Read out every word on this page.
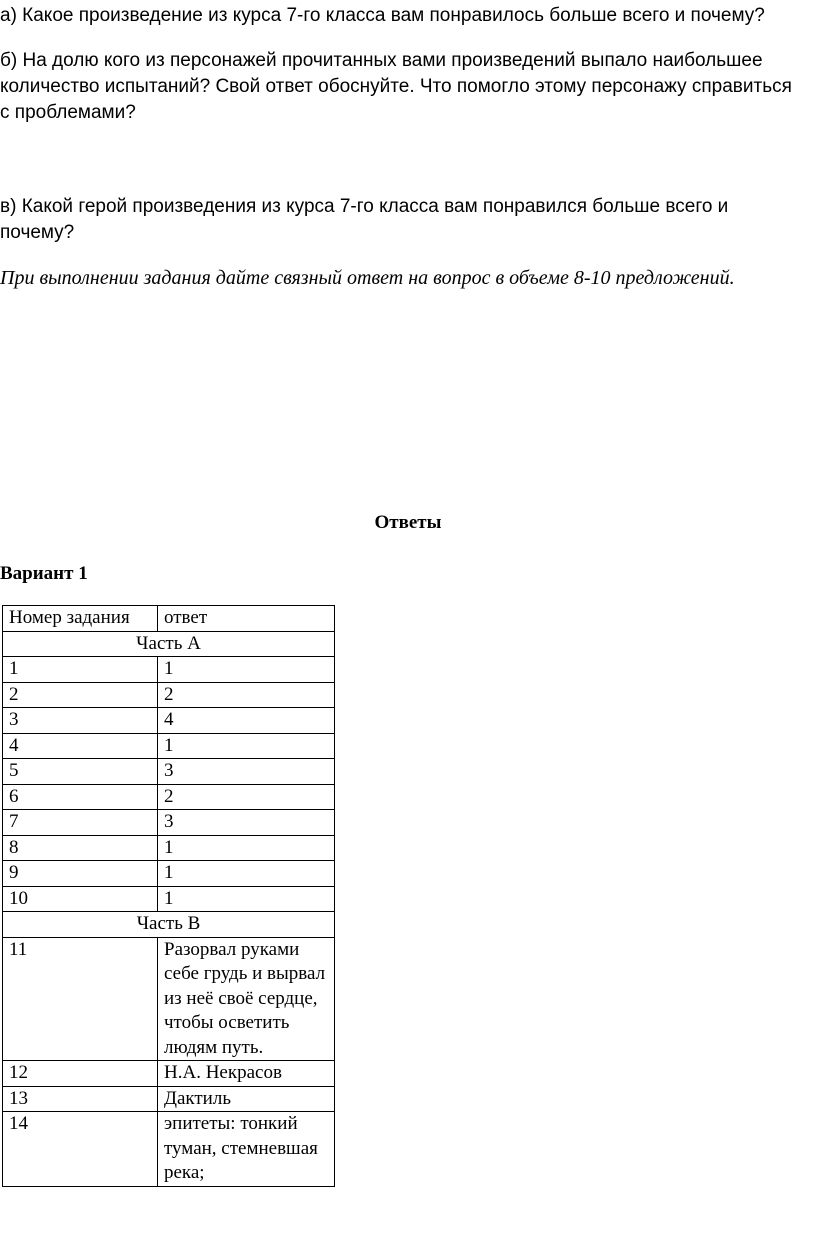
а) Какое произведение из курса 7-го класса вам понравилось больше всего и почему?

б) На долю кого из персонажей прочитанных вами произведений выпало наибольшее
количество испытаний? Свой ответ обоснуйте. Что помогло этому персонажу справиться
с проблемами?
в) Какой герой произведения из курса 7-го класса вам понравился больше всего и
почему?

При выполнении задания дайте связный ответ на вопрос в объеме 8-10 предложений.

Ответы

Вариант 1

Номер задания	ответ
Часть А	
1	1
2	2
3	4
4	1
5	3
6	2
7	3
8	1
9	1
10	1
Часть В	
11	Разорвал руками себе грудь и вырвал из неё своё сердце, чтобы осветить людям путь.
12	Н.А. Некрасов
13	Дактиль
14	эпитеты: тонкий туман, стемневшая река;
